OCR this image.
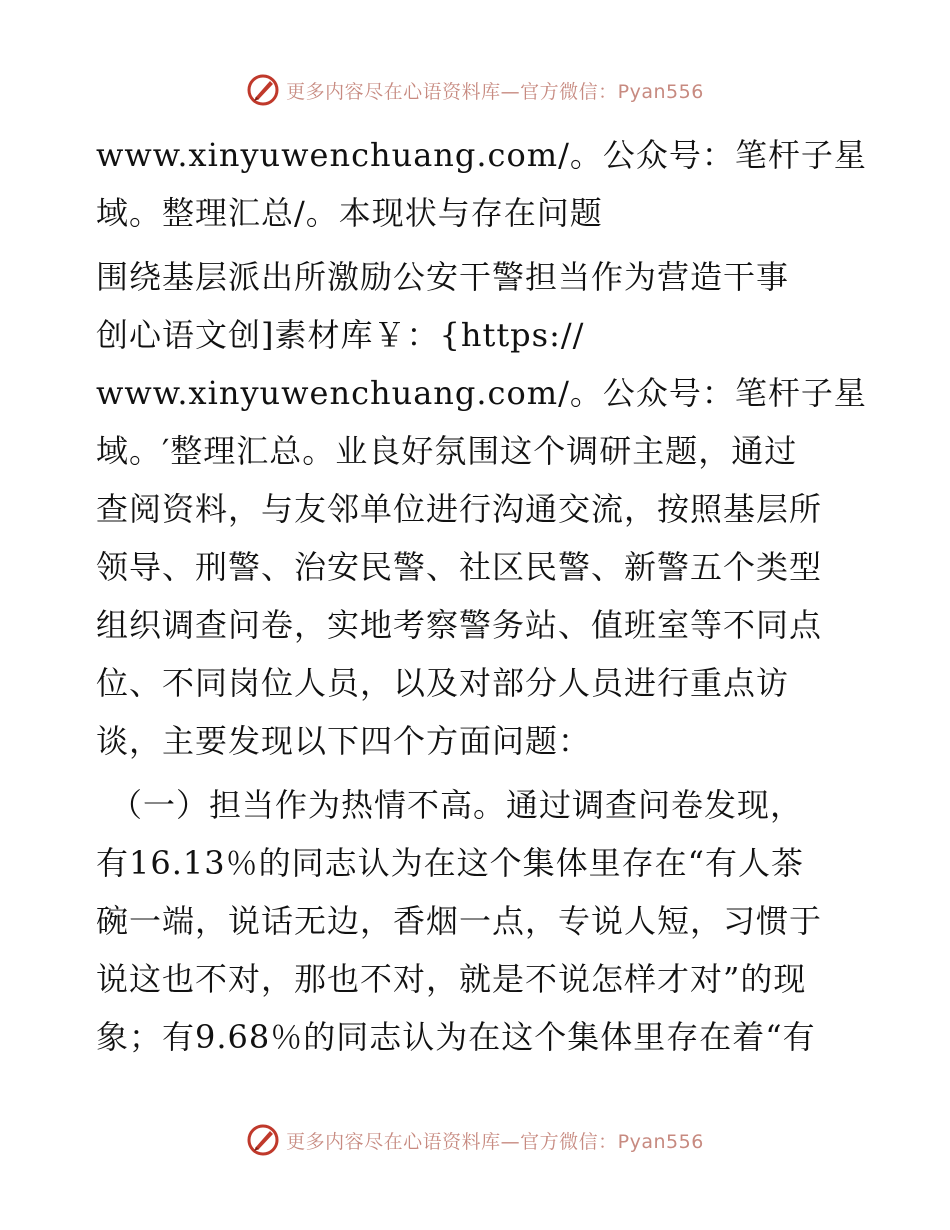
更多内容尽在心语资料库—官方微信：Pyan556

www.xinyuwenchuang.com/。公众号：笔杆子星
域。整理汇总/。本现状与存在问题

围绕基层派出所激励公安干警担当作为营造干事
创心语文创]素材库￥：{https://
www.xinyuwenchuang.com/。公众号：笔杆子星
域。′整理汇总。业良好氛围这个调研主题，通过
查阅资料，与友邻单位进行沟通交流，按照基层所
领导、刑警、治安民警、社区民警、新警五个类型
组织调查问卷，实地考察警务站、值班室等不同点
位、不同岗位人员，以及对部分人员进行重点访
谈，主要发现以下四个方面问题：

（一）担当作为热情不高。通过调查问卷发现，
有16.13％的同志认为在这个集体里存在“有人茶
碗一端，说话无边，香烟一点，专说人短，习惯于
说这也不对，那也不对，就是不说怎样才对”的现
象；有9.68％的同志认为在这个集体里存在着“有

更多内容尽在心语资料库—官方微信：Pyan556
